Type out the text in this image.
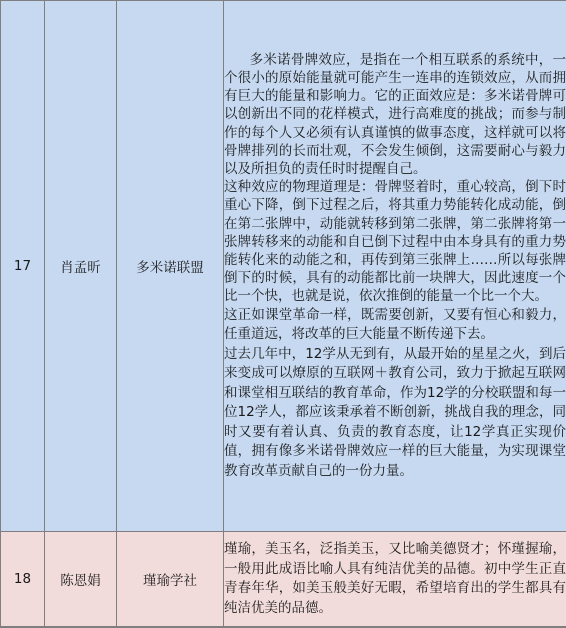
17	肖孟昕	多米诺联盟	多米诺骨牌效应，是指在一个相互联系的系统中，一个很小的原始能量就可能产生一连串的连锁效应，从而拥有巨大的能量和影响力。它的正面效应是：多米诺骨牌可以创新出不同的花样模式，进行高难度的挑战；而参与制作的每个人又必须有认真谨慎的做事态度，这样就可以将骨牌排列的长而壮观，不会发生倾倒，这需要耐心与毅力以及所担负的责任时时提醒自己。

这种效应的物理道理是：骨牌竖着时，重心较高，倒下时重心下降，倒下过程之后，将其重力势能转化成动能，倒在第二张牌中，动能就转移到第二张牌，第二张牌将第一张牌转移来的动能和自已倒下过程中由本身具有的重力势能转化来的动能之和，再传到第三张牌上……所以每张牌倒下的时候，具有的动能都比前一块牌大，因此速度一个比一个快，也就是说，依次推倒的能量一个比一个大。

这正如课堂革命一样，既需要创新，又要有恒心和毅力，任重道远，将改革的巨大能量不断传递下去。

过去几年中，12学从无到有，从最开始的星星之火，到后来变成可以燎原的互联网＋教育公司，致力于掀起互联网和课堂相互联结的教育革命，作为12学的分校联盟和每一位12学人，都应该秉承着不断创新，挑战自我的理念，同时又要有着认真、负责的教育态度，让12学真正实现价值，拥有像多米诺骨牌效应一样的巨大能量，为实现课堂教育改革贡献自己的一份力量。

18	陈恩娟	瑾瑜学社	瑾瑜，美玉名，泛指美玉，又比喻美德贤才；怀瑾握瑜，一般用此成语比喻人具有纯洁优美的品德。初中学生正直青春年华，如美玉般美好无暇，希望培育出的学生都具有纯洁优美的品德。
